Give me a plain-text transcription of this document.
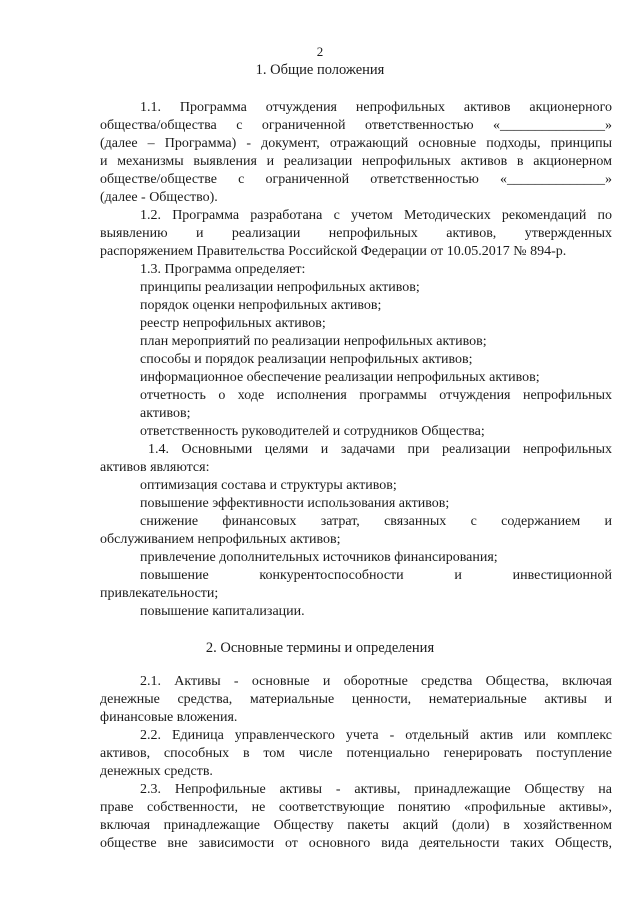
2
1. Общие положения
1.1. Программа отчуждения непрофильных активов акционерного
общества/общества с ограниченной ответственностью «_______________»
(далее – Программа) - документ, отражающий основные подходы, принципы
и механизмы выявления и реализации непрофильных активов в акционерном
обществе/обществе с ограниченной ответственностью «______________»
(далее - Общество).
1.2. Программа разработана с учетом Методических рекомендаций по
выявлению и реализации непрофильных активов, утвержденных
распоряжением Правительства Российской Федерации от 10.05.2017 № 894-р.
1.3. Программа определяет:
принципы реализации непрофильных активов;
порядок оценки непрофильных активов;
реестр непрофильных активов;
план мероприятий по реализации непрофильных активов;
способы и порядок реализации непрофильных активов;
информационное обеспечение реализации непрофильных активов;
отчетность о ходе исполнения программы отчуждения непрофильных
активов;
ответственность руководителей и сотрудников Общества;
1.4. Основными целями и задачами при реализации непрофильных
активов являются:
оптимизация состава и структуры активов;
повышение эффективности использования активов;
снижение финансовых затрат, связанных с содержанием и
обслуживанием непрофильных активов;
привлечение дополнительных источников финансирования;
повышение конкурентоспособности и инвестиционной
привлекательности;
повышение капитализации.
2. Основные термины и определения
2.1. Активы - основные и оборотные средства Общества, включая
денежные средства, материальные ценности, нематериальные активы и
финансовые вложения.
2.2. Единица управленческого учета - отдельный актив или комплекс
активов, способных в том числе потенциально генерировать поступление
денежных средств.
2.3. Непрофильные активы - активы, принадлежащие Обществу на
праве собственности, не соответствующие понятию «профильные активы»,
включая принадлежащие Обществу пакеты акций (доли) в хозяйственном
обществе вне зависимости от основного вида деятельности таких Обществ,
